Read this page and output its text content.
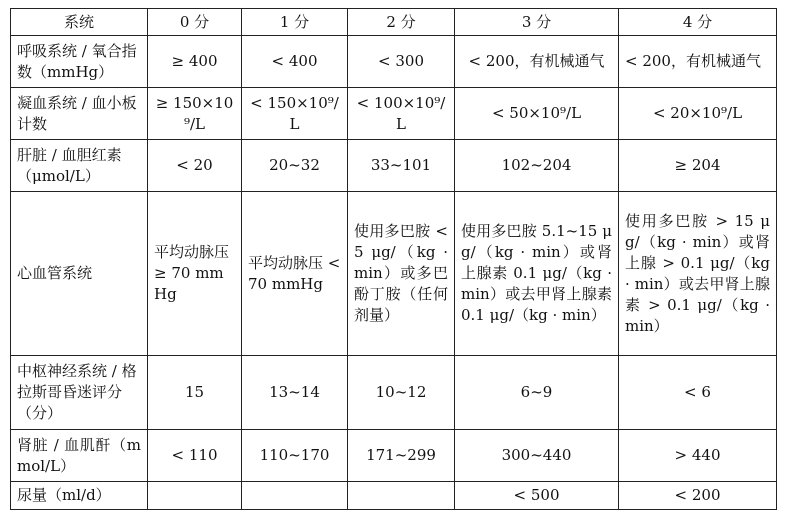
系统	0 分	1 分	2 分	3 分	4 分
呼吸系统 / 氧合指数（mmHg）	≥ 400	< 400	< 300	< 200，有机械通气	< 200，有机械通气
凝血系统 / 血小板计数	≥ 150×10⁹/L	< 150×10⁹/L	< 100×10⁹/L	< 50×10⁹/L	< 20×10⁹/L
肝脏 / 血胆红素（μmol/L）	< 20	20~32	33~101	102~204	≥ 204
心血管系统	平均动脉压 ≥ 70 mmHg	平均动脉压 < 70 mmHg	使用多巴胺 < 5 μg/（kg · min）或多巴酚丁胺（任何剂量）	使用多巴胺 5.1~15 μg/（kg · min）或肾上腺素 0.1 μg/（kg · min）或去甲肾上腺素 0.1 μg/（kg · min）	使用多巴胺 > 15 μg/（kg · min）或肾上腺 > 0.1 μg/（kg · min）或去甲肾上腺素 > 0.1 μg/（kg · min）
中枢神经系统 / 格拉斯哥昏迷评分（分）	15	13~14	10~12	6~9	< 6
肾脏 / 血肌酐（mmol/L）	< 110	110~170	171~299	300~440	> 440
尿量（ml/d）				< 500	< 200
